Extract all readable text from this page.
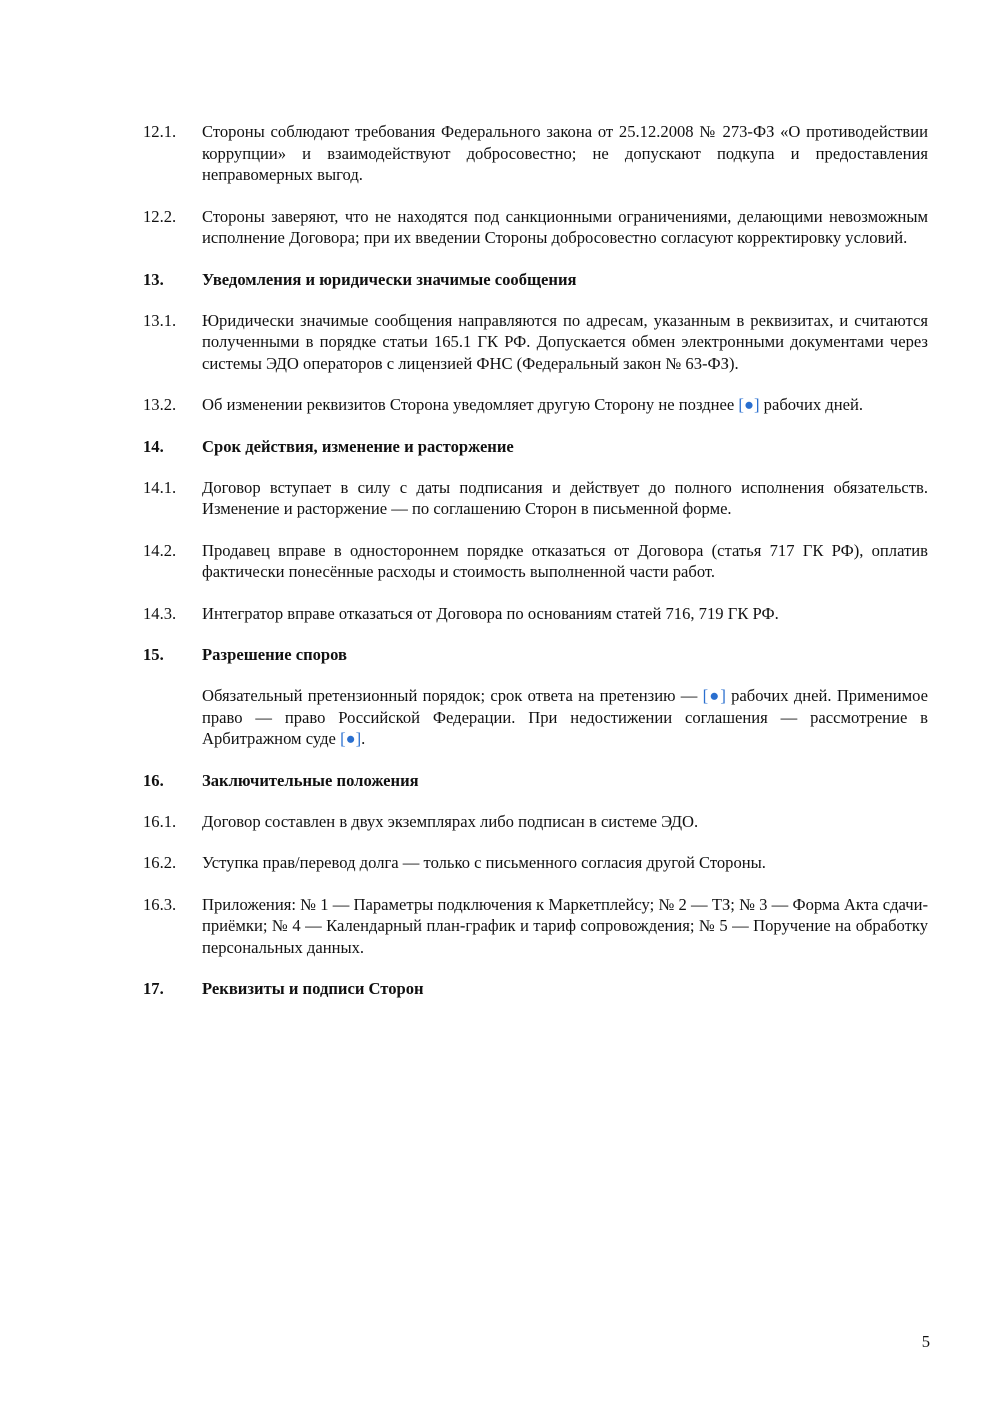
12.1.	Стороны соблюдают требования Федерального закона от 25.12.2008 № 273-ФЗ «О противодействии коррупции» и взаимодействуют добросовестно; не допускают подкупа и предоставления неправомерных выгод.
12.2.	Стороны заверяют, что не находятся под санкционными ограничениями, делающими невозможным исполнение Договора; при их введении Стороны добросовестно согласуют корректировку условий.
13.	Уведомления и юридически значимые сообщения
13.1.	Юридически значимые сообщения направляются по адресам, указанным в реквизитах, и считаются полученными в порядке статьи 165.1 ГК РФ. Допускается обмен электронными документами через системы ЭДО операторов с лицензией ФНС (Федеральный закон № 63-ФЗ).
13.2.	Об изменении реквизитов Сторона уведомляет другую Сторону не позднее [●] рабочих дней.
14.	Срок действия, изменение и расторжение
14.1.	Договор вступает в силу с даты подписания и действует до полного исполнения обязательств. Изменение и расторжение — по соглашению Сторон в письменной форме.
14.2.	Продавец вправе в одностороннем порядке отказаться от Договора (статья 717 ГК РФ), оплатив фактически понесённые расходы и стоимость выполненной части работ.
14.3.	Интегратор вправе отказаться от Договора по основаниям статей 716, 719 ГК РФ.
15.	Разрешение споров
Обязательный претензионный порядок; срок ответа на претензию — [●] рабочих дней. Применимое право — право Российской Федерации. При недостижении соглашения — рассмотрение в Арбитражном суде [●].
16.	Заключительные положения
16.1.	Договор составлен в двух экземплярах либо подписан в системе ЭДО.
16.2.	Уступка прав/перевод долга — только с письменного согласия другой Стороны.
16.3.	Приложения: № 1 — Параметры подключения к Маркетплейсу; № 2 — ТЗ; № 3 — Форма Акта сдачи-приёмки; № 4 — Календарный план-график и тариф сопровождения; № 5 — Поручение на обработку персональных данных.
17.	Реквизиты и подписи Сторон
5
